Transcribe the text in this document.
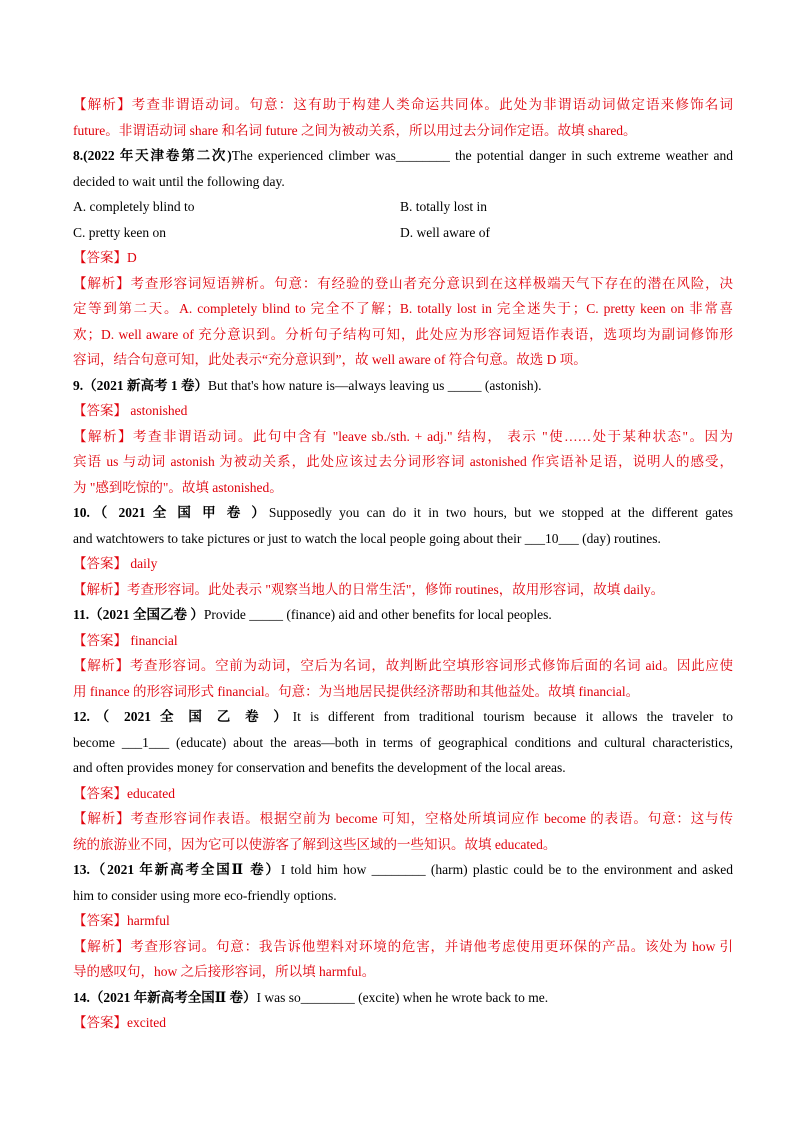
【解析】考查非谓语动词。句意：这有助于构建人类命运共同体。此处为非谓语动词做定语来修饰名词
future。非谓语动词 share 和名词 future 之间为被动关系，所以用过去分词作定语。故填 shared。
8.(2022 年天津卷第二次)The experienced climber was________ the potential danger in such extreme weather and
decided to wait until the following day.
A. completely blind to	B. totally lost in
C. pretty keen on	D. well aware of
【答案】D
【解析】考查形容词短语辨析。句意：有经验的登山者充分意识到在这样极端天气下存在的潜在风险，决
定等到第二天。A. completely blind to 完全不了解；B. totally lost in 完全迷失于；C. pretty keen on 非常喜
欢；D. well aware of 充分意识到。分析句子结构可知，此处应为形容词短语作表语，选项均为副词修饰形
容词，结合句意可知，此处表示“充分意识到”，故 well aware of 符合句意。故选 D 项。
9.（2021 新高考 1 卷）But that's how nature is—always leaving us _____ (astonish).
【答案】 astonished
【解析】考查非谓语动词。此句中含有 "leave sb./sth. + adj." 结构， 表示 "使……处于某种状态"。因为
宾语 us 与动词 astonish 为被动关系，此处应该过去分词形容词 astonished 作宾语补足语，说明人的感受，
为 "感到吃惊的"。故填 astonished。
10.（ 2021 全 国 甲 卷 ）Supposedly you can do it in two hours, but we stopped at the different gates
and watchtowers to take pictures or just to watch the local people going about their ___10___ (day) routines.
【答案】 daily
【解析】考查形容词。此处表示 "观察当地人的日常生活"，修饰 routines，故用形容词，故填 daily。
11.（2021 全国乙卷 ）Provide _____ (finance) aid and other benefits for local peoples.
【答案】 financial
【解析】考查形容词。空前为动词，空后为名词，故判断此空填形容词形式修饰后面的名词 aid。因此应使
用 finance 的形容词形式 financial。句意：为当地居民提供经济帮助和其他益处。故填 financial。
12.（ 2021 全 国 乙 卷 ）It is different from traditional tourism because it allows the traveler to
become ___1___ (educate) about the areas—both in terms of geographical conditions and cultural characteristics,
and often provides money for conservation and benefits the development of the local areas.
【答案】educated
【解析】考查形容词作表语。根据空前为 become 可知，空格处所填词应作 become 的表语。句意：这与传
统的旅游业不同，因为它可以使游客了解到这些区域的一些知识。故填 educated。
13.（2021 年新高考全国Ⅱ 卷）I told him how ________ (harm) plastic could be to the environment and asked
him to consider using more eco-friendly options.
【答案】harmful
【解析】考查形容词。句意：我告诉他塑料对环境的危害，并请他考虑使用更环保的产品。该处为 how 引
导的感叹句，how 之后接形容词，所以填 harmful。
14.（2021 年新高考全国Ⅱ 卷）I was so________ (excite) when he wrote back to me.
【答案】excited
